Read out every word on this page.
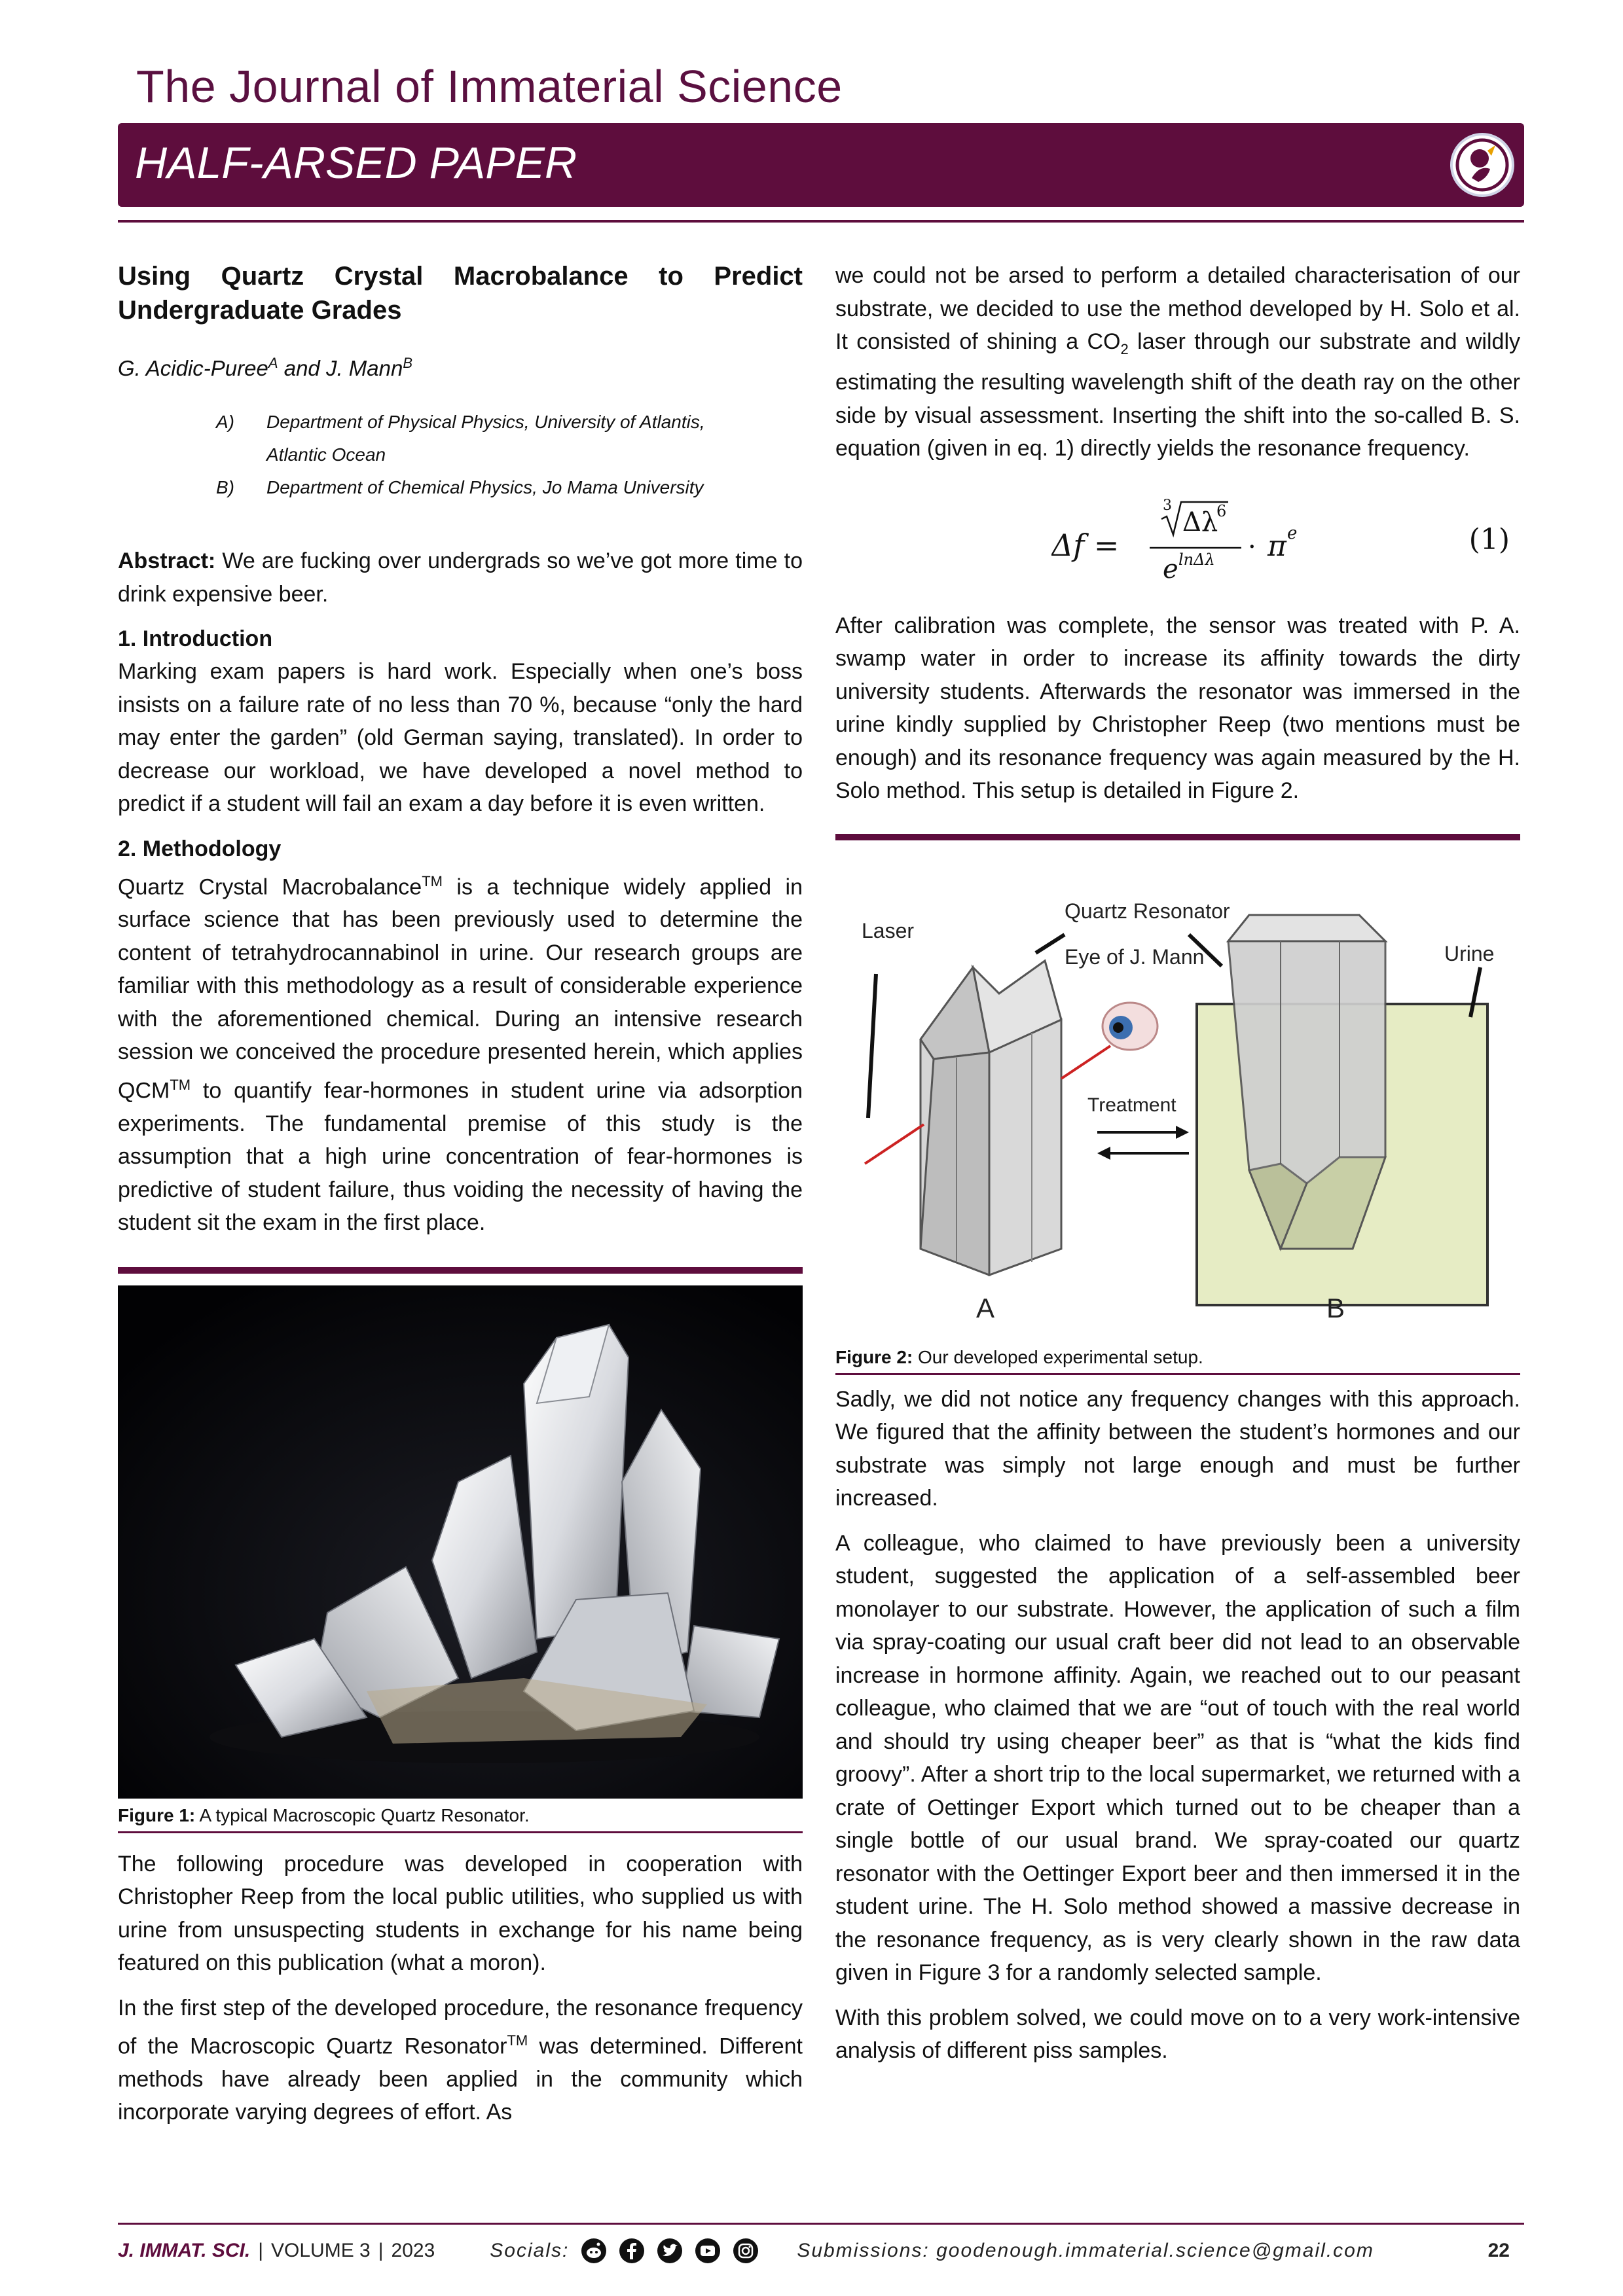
The Journal of Immaterial Science
HALF-ARSED PAPER
Using Quartz Crystal Macrobalance to Predict Undergraduate Grades
G. Acidic-Puree$^A$ and J. Mann$^B$
A)	Department of Physical Physics, University of Atlantis, Atlantic Ocean
B)	Department of Chemical Physics, Jo Mama University

Abstract: We are fucking over undergrads so we’ve got more time to drink expensive beer.

1. Introduction

Marking exam papers is hard work. Especially when one’s boss insists on a failure rate of no less than 70 %, because “only the hard may enter the garden” (old German saying, translated). In order to decrease our workload, we have developed a novel method to predict if a student will fail an exam a day before it is even written.

2. Methodology

Quartz Crystal Macrobalance™ is a technique widely applied in surface science that has been previously used to determine the content of tetrahydrocannabinol in urine. Our research groups are familiar with this methodology as a result of considerable experience with the aforementioned chemical. During an intensive research session we conceived the procedure presented herein, which applies QCM™ to quantify fear-hormones in student urine via adsorption experiments. The fundamental premise of this study is the assumption that a high urine concentration of fear-hormones is predictive of student failure, thus voiding the necessity of having the student sit the exam in the first place.

Figure 1: A typical Macroscopic Quartz Resonator.

The following procedure was developed in cooperation with Christopher Reep from the local public utilities, who supplied us with urine from unsuspecting students in exchange for his name being featured on this publication (what a moron).

In the first step of the developed procedure, the resonance frequency of the Macroscopic Quartz Resonator™ was determined. Different methods have already been applied in the community which incorporate varying degrees of effort. As

we could not be arsed to perform a detailed characterisation of our substrate, we decided to use the method developed by H. Solo et al. It consisted of shining a $CO_2$ laser through our substrate and wildly estimating the resulting wavelength shift of the death ray on the other side by visual assessment. Inserting the shift into the so-called B. S. equation (given in eq. 1) directly yields the resonance frequency.

Δf =
3
Δλ
6
e lnΔλ · π e	(1)

After calibration was complete, the sensor was treated with P. A. swamp water in order to increase its affinity towards the dirty university students. Afterwards the resonator was immersed in the urine kindly supplied by Christopher Reep (two mentions must be enough) and its resonance frequency was again measured by the H. Solo method. This setup is detailed in Figure 2.

Laser
Quartz Resonator
Eye of J. Mann	Urine
Treatment
A	B
Figure 2: Our developed experimental setup.

Sadly, we did not notice any frequency changes with this approach. We figured that the affinity between the student’s hormones and our substrate was simply not large enough and must be further increased.

A colleague, who claimed to have previously been a university student, suggested the application of a self-assembled beer monolayer to our substrate. However, the application of such a film via spray-coating our usual craft beer did not lead to an observable increase in hormone affinity. Again, we reached out to our peasant colleague, who claimed that we are “out of touch with the real world and should try using cheaper beer” as that is “what the kids find groovy”. After a short trip to the local supermarket, we returned with a crate of Oettinger Export which turned out to be cheaper than a single bottle of our usual brand. We spray-coated our quartz resonator with the Oettinger Export beer and then immersed it in the student urine. The H. Solo method showed a massive decrease in the resonance frequency, as is very clearly shown in the raw data given in Figure 3 for a randomly selected sample.

With this problem solved, we could move on to a very work-intensive analysis of different piss samples.

J. IMMAT. SCI. | VOLUME 3 | 2023	Socials:	Submissions: goodenough.immaterial.science@gmail.com	22
